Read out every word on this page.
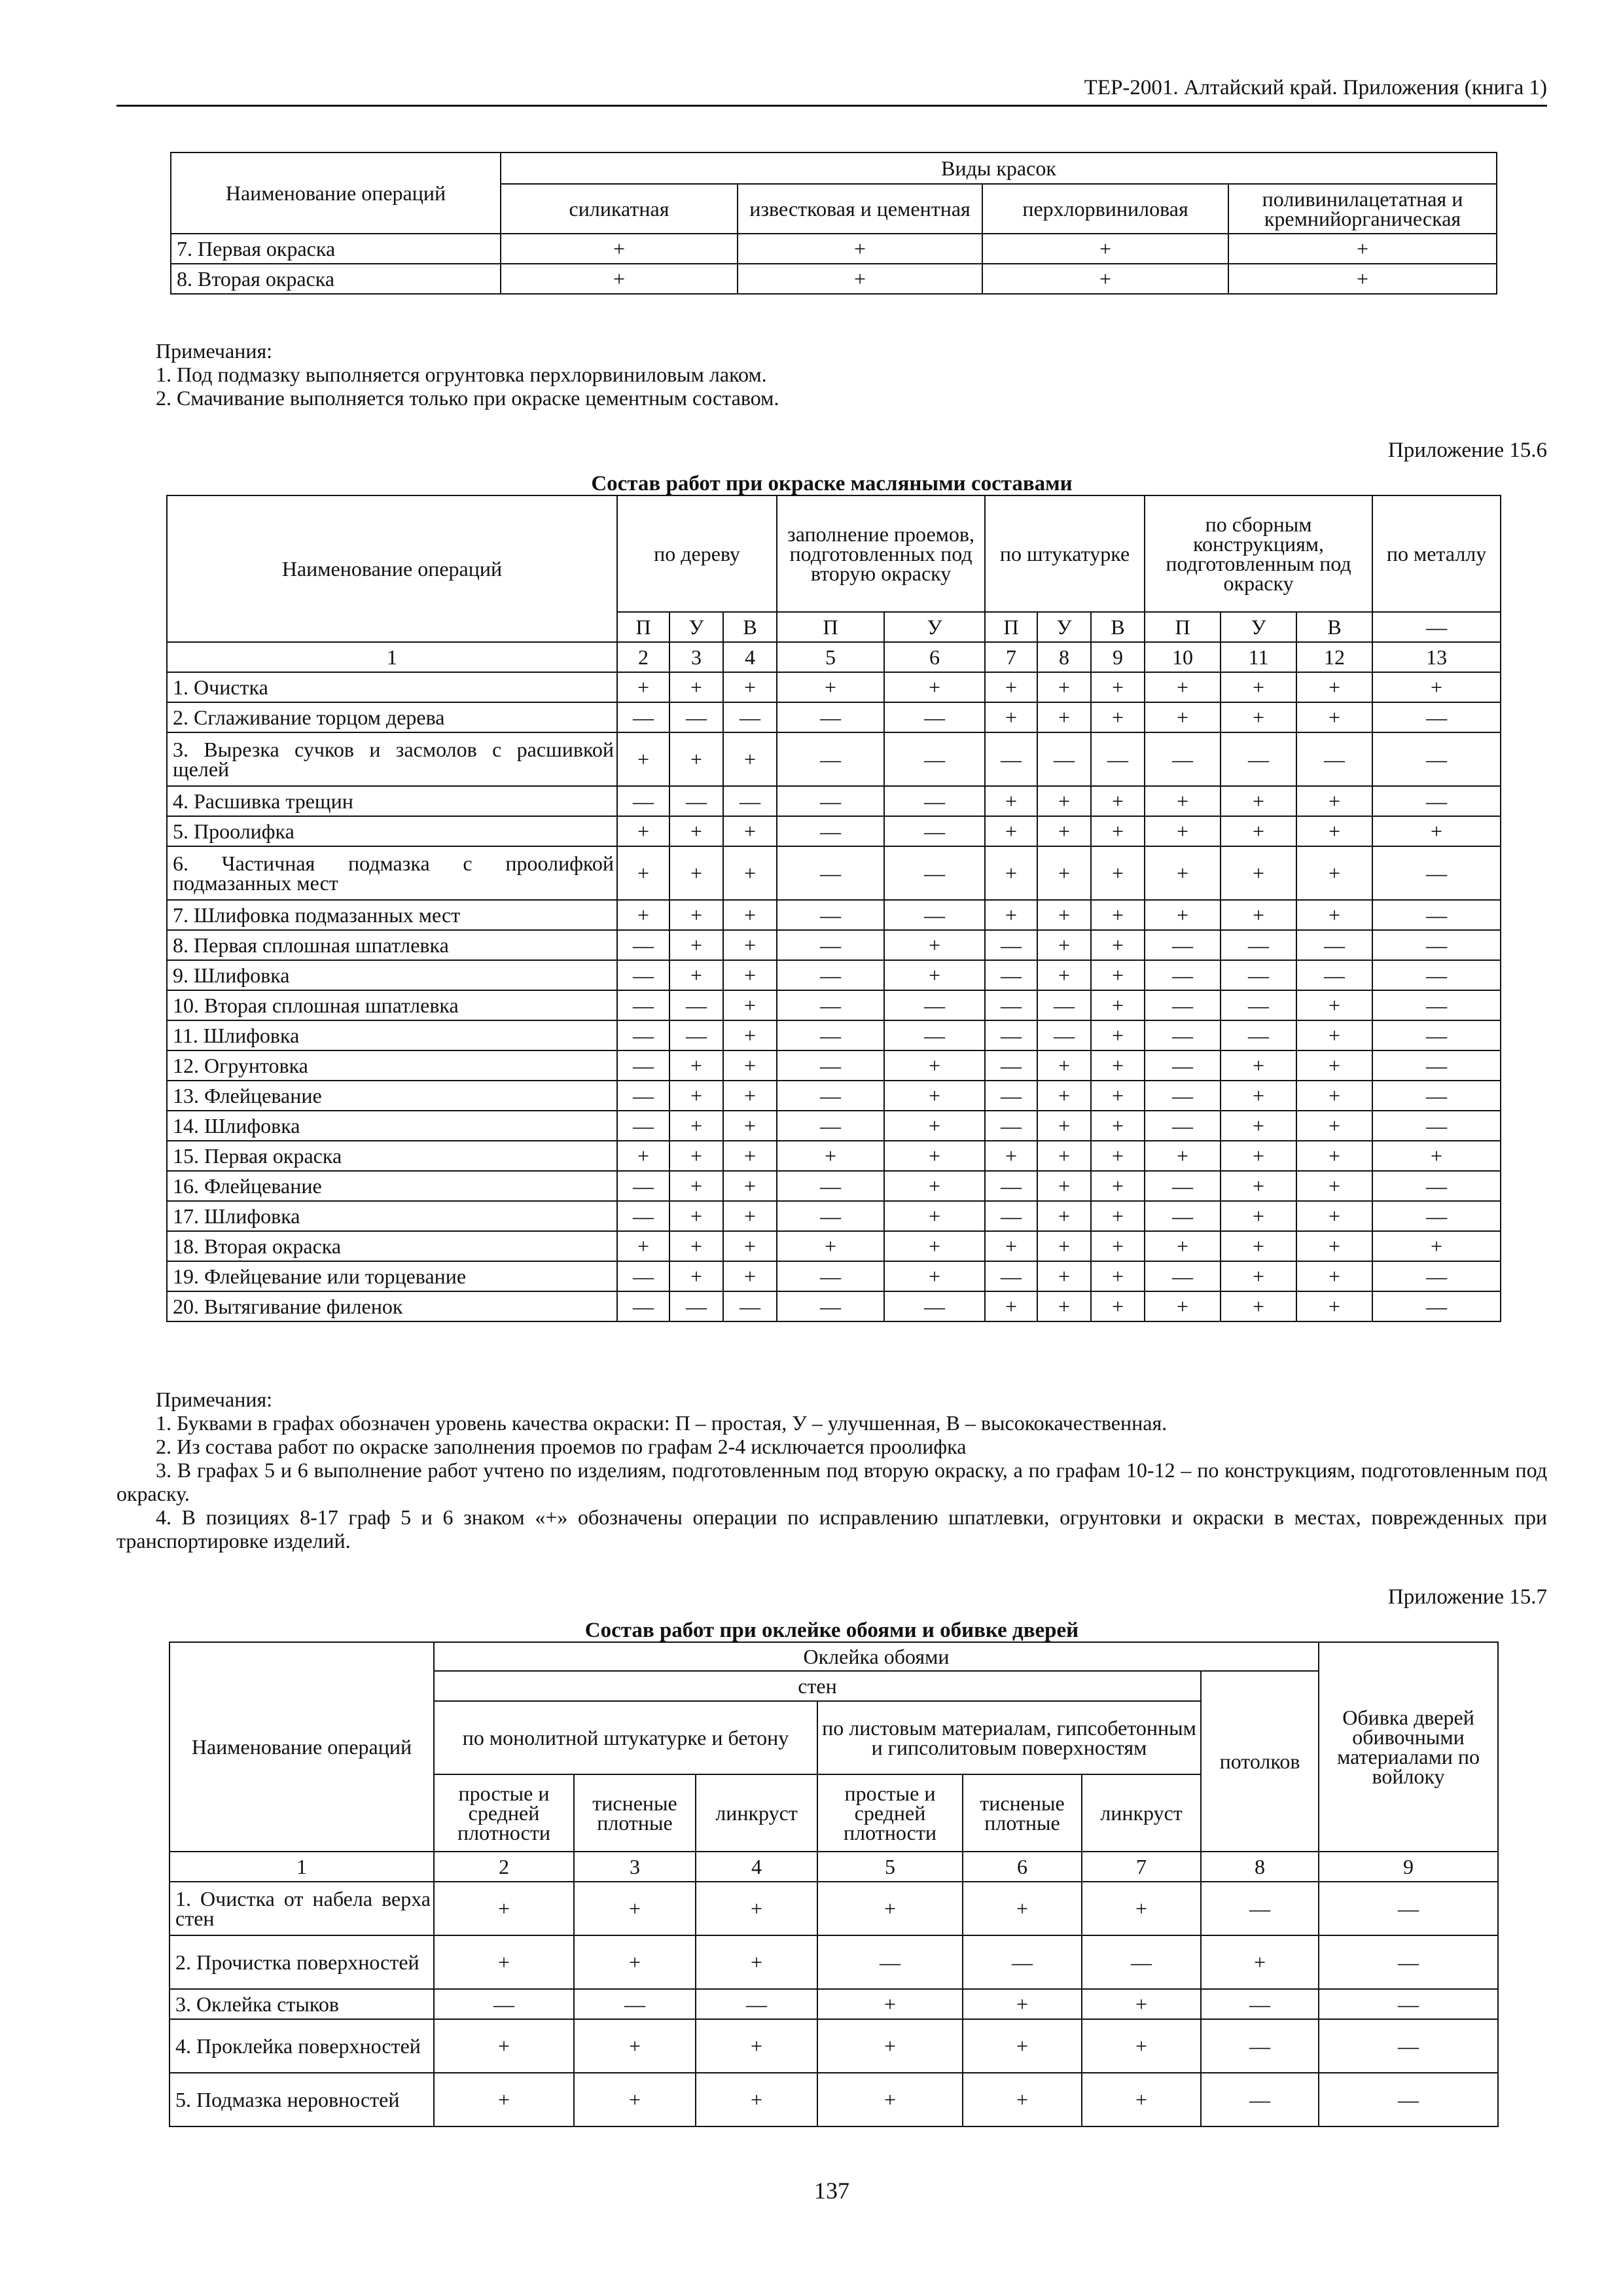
ТЕР-2001. Алтайский край. Приложения (книга 1)
Наименование операций	Виды красок			
	силикатная	известковая и цементная	перхлорвиниловая	поливинилацетатная и кремнийорганическая
7. Первая окраска	+	+	+	+
8. Вторая окраска	+	+	+	+

Примечания:

1. Под подмазку выполняется огрунтовка перхлорвиниловым лаком.

2. Смачивание выполняется только при окраске цементным составом.

Приложение 15.6
Состав работ при окраске масляными составами
Наименование операций	по дереву			заполнение проемов, подготовленных под вторую окраску		по штукатурке			по сборным конструкциям, подготовленным под окраску			по металлу
	П	У	В	П	У	П	У	В	П	У	В	—
1	2	3	4	5	6	7	8	9	10	11	12	13
1. Очистка	+	+	+	+	+	+	+	+	+	+	+	+
2. Сглаживание торцом дерева	—	—	—	—	—	+	+	+	+	+	+	—
3. Вырезка сучков и засмолов с расшивкой щелей	+	+	+	—	—	—	—	—	—	—	—	—
4. Расшивка трещин	—	—	—	—	—	+	+	+	+	+	+	—
5. Проолифка	+	+	+	—	—	+	+	+	+	+	+	+
6. Частичная подмазка с проолифкой подмазанных мест	+	+	+	—	—	+	+	+	+	+	+	—
7. Шлифовка подмазанных мест	+	+	+	—	—	+	+	+	+	+	+	—
8. Первая сплошная шпатлевка	—	+	+	—	+	—	+	+	—	—	—	—
9. Шлифовка	—	+	+	—	+	—	+	+	—	—	—	—
10. Вторая сплошная шпатлевка	—	—	+	—	—	—	—	+	—	—	+	—
11. Шлифовка	—	—	+	—	—	—	—	+	—	—	+	—
12. Огрунтовка	—	+	+	—	+	—	+	+	—	+	+	—
13. Флейцевание	—	+	+	—	+	—	+	+	—	+	+	—
14. Шлифовка	—	+	+	—	+	—	+	+	—	+	+	—
15. Первая окраска	+	+	+	+	+	+	+	+	+	+	+	+
16. Флейцевание	—	+	+	—	+	—	+	+	—	+	+	—
17. Шлифовка	—	+	+	—	+	—	+	+	—	+	+	—
18. Вторая окраска	+	+	+	+	+	+	+	+	+	+	+	+
19. Флейцевание или торцевание	—	+	+	—	+	—	+	+	—	+	+	—
20. Вытягивание филенок	—	—	—	—	—	+	+	+	+	+	+	—

Примечания:

1. Буквами в графах обозначен уровень качества окраски: П – простая, У – улучшенная, В – высококачественная.

2. Из состава работ по окраске заполнения проемов по графам 2-4 исключается проолифка

3. В графах 5 и 6 выполнение работ учтено по изделиям, подготовленным под вторую окраску, а по графам 10-12 – по конструкциям, подготовленным под окраску.

4. В позициях 8-17 граф 5 и 6 знаком «+» обозначены операции по исправлению шпатлевки, огрунтовки и окраски в местах, поврежденных при транспортировке изделий.

Приложение 15.7
Состав работ при оклейке обоями и обивке дверей
Наименование операций	Оклейка обоями							Обивка дверей обивочными материалами по войлоку
	стен						потолков	
	по монолитной штукатурке и бетону			по листовым материалам, гипсобетонным и гипсолитовым поверхностям				
	простые и средней плотности	тисненые плотные	линкруст	простые и средней плотности	тисненые плотные	линкруст		
1	2	3	4	5	6	7	8	9
1. Очистка от набела верха стен	+	+	+	+	+	+	—	—
2. Прочистка поверхностей	+	+	+	—	—	—	+	—
3. Оклейка стыков	—	—	—	+	+	+	—	—
4. Проклейка поверхностей	+	+	+	+	+	+	—	—
5. Подмазка неровностей	+	+	+	+	+	+	—	—
137
